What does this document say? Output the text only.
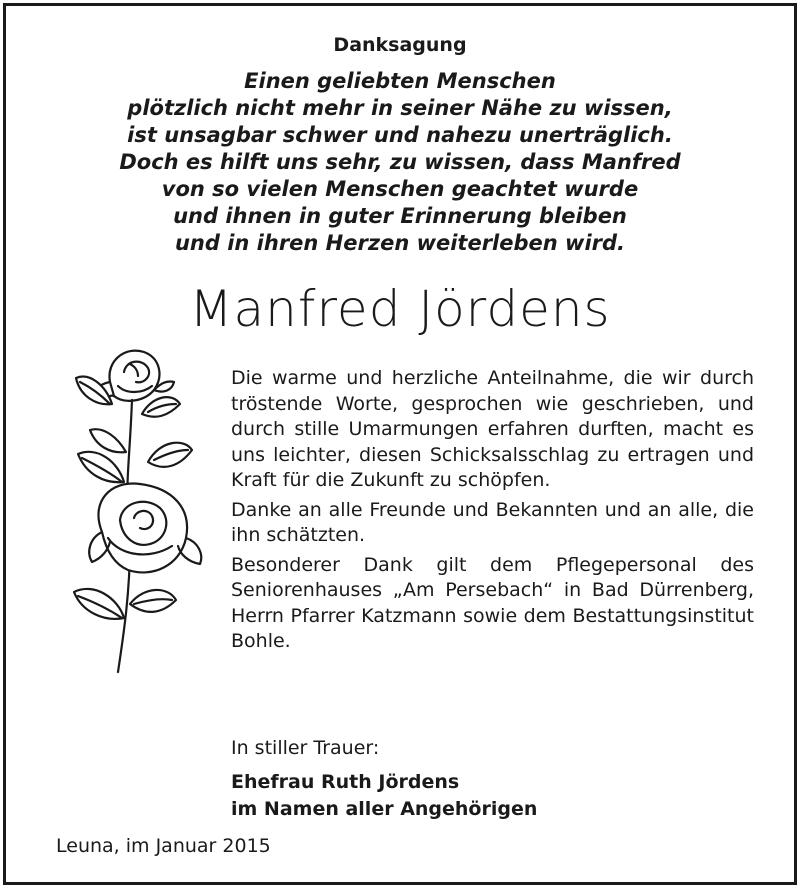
Danksagung
Einen geliebten Menschen
plötzlich nicht mehr in seiner Nähe zu wissen,
ist unsagbar schwer und nahezu unerträglich.
Doch es hilft uns sehr, zu wissen, dass Manfred
von so vielen Menschen geachtet wurde
und ihnen in guter Erinnerung bleiben
und in ihren Herzen weiterleben wird.
Manfred Jördens

Die warme und herzliche Anteilnahme, die wir durch tröstende Worte, gesprochen wie geschrieben, und durch stille Umarmungen erfahren durften, macht es uns leichter, diesen Schicksalsschlag zu ertragen und Kraft für die Zukunft zu schöpfen.

Danke an alle Freunde und Bekannten und an alle, die ihn schätzten.

Besonderer Dank gilt dem Pflegepersonal des Seniorenhauses „Am Persebach“ in Bad Dürrenberg, Herrn Pfarrer Katzmann sowie dem Bestattungsinstitut Bohle.

In stiller Trauer:
Ehefrau Ruth Jördens
im Namen aller Angehörigen
Leuna, im Januar 2015
